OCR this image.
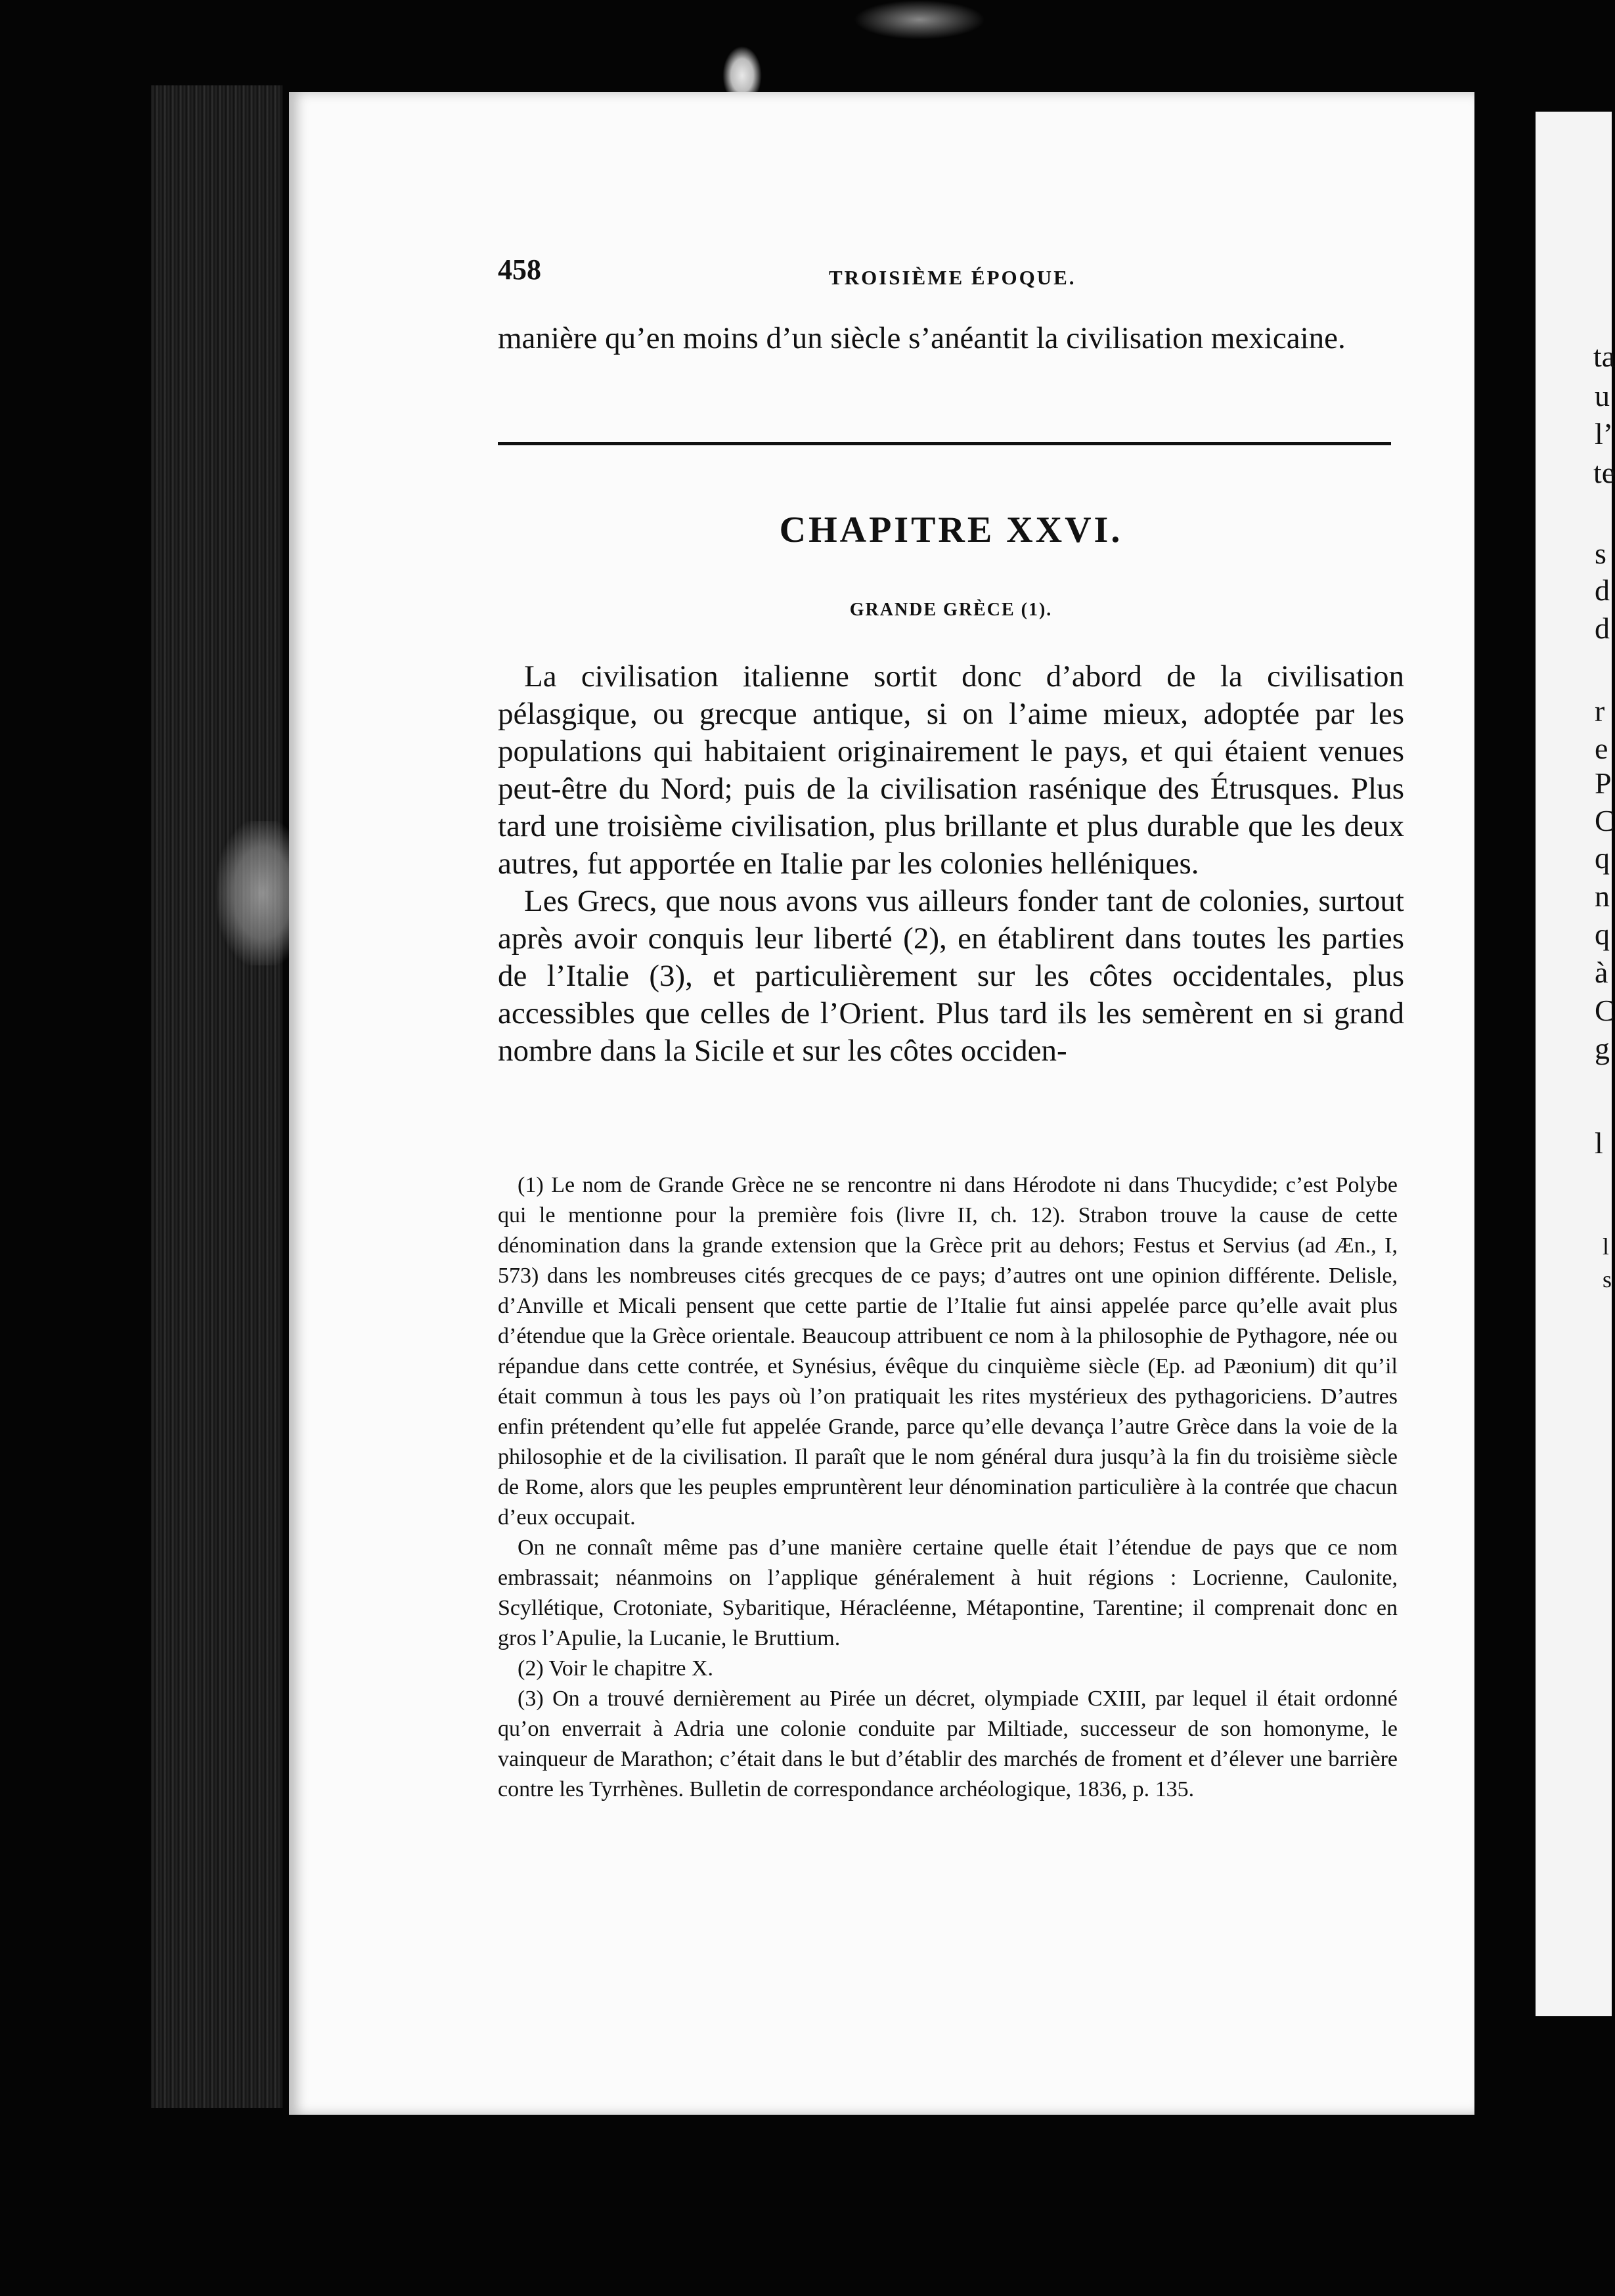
ta
u
l’
te
s
d
d
r
e
P
C
q
n
q
à
C
g
l
l
s
458	TROISIÈME ÉPOQUE.

manière qu’en moins d’un siècle s’anéantit la civilisation mexicaine.

CHAPITRE XXVI.
GRANDE GRÈCE (1).

La civilisation italienne sortit donc d’abord de la civilisation pélasgique, ou grecque antique, si on l’aime mieux, adoptée par les populations qui habitaient originairement le pays, et qui étaient venues peut-être du Nord; puis de la civilisation rasénique des Étrusques. Plus tard une troisième civilisation, plus brillante et plus durable que les deux autres, fut apportée en Italie par les colonies helléniques.

Les Grecs, que nous avons vus ailleurs fonder tant de colonies, surtout après avoir conquis leur liberté (2), en établirent dans toutes les parties de l’Italie (3), et particulièrement sur les côtes occidentales, plus accessibles que celles de l’Orient. Plus tard ils les semèrent en si grand nombre dans la Sicile et sur les côtes occiden-

(1) Le nom de Grande Grèce ne se rencontre ni dans Hérodote ni dans Thucydide; c’est Polybe qui le mentionne pour la première fois (livre II, ch. 12). Strabon trouve la cause de cette dénomination dans la grande extension que la Grèce prit au dehors; Festus et Servius (ad Æn., I, 573) dans les nombreuses cités grecques de ce pays; d’autres ont une opinion différente. Delisle, d’Anville et Micali pensent que cette partie de l’Italie fut ainsi appelée parce qu’elle avait plus d’étendue que la Grèce orientale. Beaucoup attribuent ce nom à la philosophie de Pythagore, née ou répandue dans cette contrée, et Synésius, évêque du cinquième siècle (Ep. ad Pæonium) dit qu’il était commun à tous les pays où l’on pratiquait les rites mystérieux des pythagoriciens. D’autres enfin prétendent qu’elle fut appelée Grande, parce qu’elle devança l’autre Grèce dans la voie de la philosophie et de la civilisation. Il paraît que le nom général dura jusqu’à la fin du troisième siècle de Rome, alors que les peuples empruntèrent leur dénomination particulière à la contrée que chacun d’eux occupait.

On ne connaît même pas d’une manière certaine quelle était l’étendue de pays que ce nom embrassait; néanmoins on l’applique généralement à huit régions : Locrienne, Caulonite, Scyllétique, Crotoniate, Sybaritique, Héracléenne, Métapontine, Tarentine; il comprenait donc en gros l’Apulie, la Lucanie, le Bruttium.

(2) Voir le chapitre X.

(3) On a trouvé dernièrement au Pirée un décret, olympiade CXIII, par lequel il était ordonné qu’on enverrait à Adria une colonie conduite par Miltiade, successeur de son homonyme, le vainqueur de Marathon; c’était dans le but d’établir des marchés de froment et d’élever une barrière contre les Tyrrhènes. Bulletin de correspondance archéologique, 1836, p. 135.
